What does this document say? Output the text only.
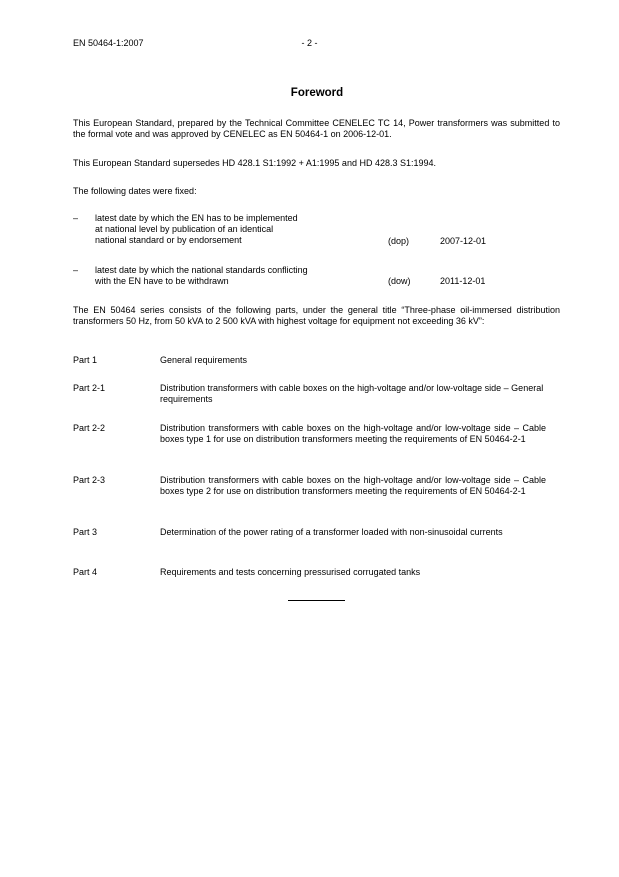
EN 50464-1:2007	- 2 -
Foreword
This European Standard, prepared by the Technical Committee CENELEC TC 14, Power transformers was submitted to the formal vote and was approved by CENELEC as EN 50464-1 on 2006-12-01.
This European Standard supersedes HD 428.1 S1:1992 + A1:1995 and HD 428.3 S1:1994.
The following dates were fixed:
– latest date by which the EN has to be implemented
at national level by publication of an identical
national standard or by endorsement	(dop)	2007-12-01
– latest date by which the national standards conflicting
with the EN have to be withdrawn	(dow)	2011-12-01
The EN 50464 series consists of the following parts, under the general title “Three-phase oil-immersed distribution transformers 50 Hz, from 50 kVA to 2 500 kVA with highest voltage for equipment not exceeding 36 kV”:
Part 1	General requirements
Part 2-1	Distribution transformers with cable boxes on the high-voltage and/or low-voltage side – General requirements
Part 2-2	Distribution transformers with cable boxes on the high-voltage and/or low-voltage side – Cable boxes type 1 for use on distribution transformers meeting the requirements of EN 50464-2-1
Part 2-3	Distribution transformers with cable boxes on the high-voltage and/or low-voltage side – Cable boxes type 2 for use on distribution transformers meeting the requirements of EN 50464-2-1
Part 3	Determination of the power rating of a transformer loaded with non-sinusoidal currents
Part 4	Requirements and tests concerning pressurised corrugated tanks
